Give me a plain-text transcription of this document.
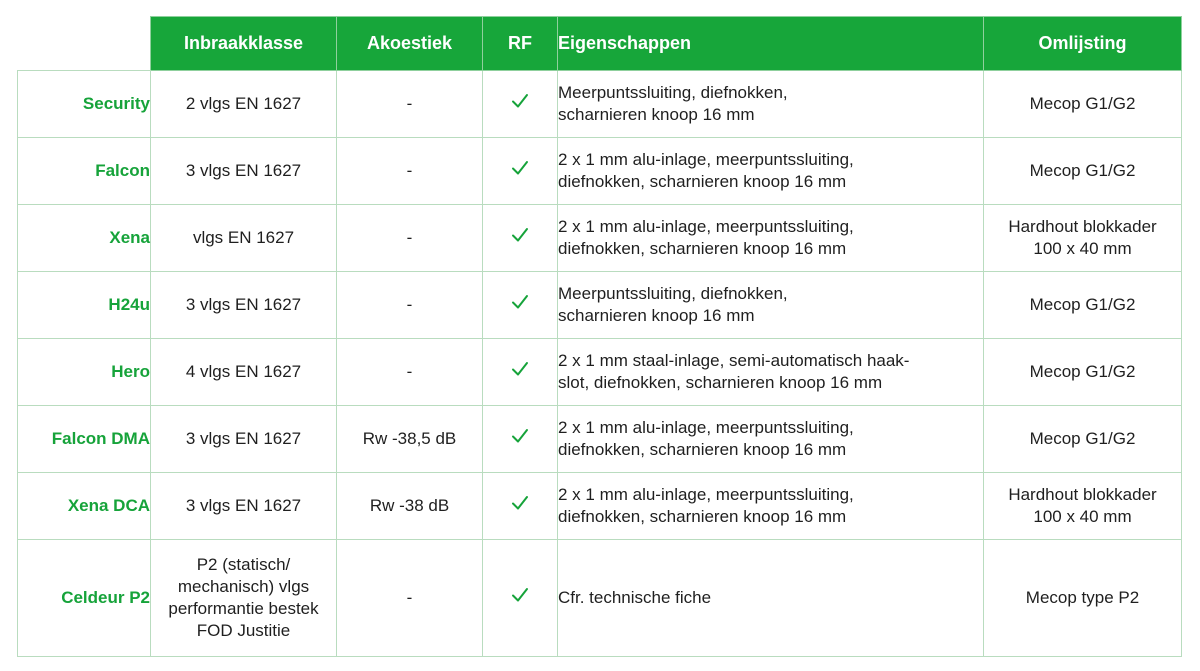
	Inbraakklasse	Akoestiek	RF	Eigenschappen	Omlijsting
Security	2 vlgs EN 1627	-		Meerpuntssluiting, diefnokken,
scharnieren knoop 16 mm	Mecop G1/G2
Falcon	3 vlgs EN 1627	-		2 x 1 mm alu-inlage, meerpuntssluiting,
diefnokken, scharnieren knoop 16 mm	Mecop G1/G2
Xena	vlgs EN 1627	-		2 x 1 mm alu-inlage, meerpuntssluiting,
diefnokken, scharnieren knoop 16 mm	Hardhout blokkader
100 x 40 mm
H24u	3 vlgs EN 1627	-		Meerpuntssluiting, diefnokken,
scharnieren knoop 16 mm	Mecop G1/G2
Hero	4 vlgs EN 1627	-		2 x 1 mm staal-inlage, semi-automatisch haak-
slot, diefnokken, scharnieren knoop 16 mm	Mecop G1/G2
Falcon DMA	3 vlgs EN 1627	Rw -38,5 dB		2 x 1 mm alu-inlage, meerpuntssluiting,
diefnokken, scharnieren knoop 16 mm	Mecop G1/G2
Xena DCA	3 vlgs EN 1627	Rw -38 dB		2 x 1 mm alu-inlage, meerpuntssluiting,
diefnokken, scharnieren knoop 16 mm	Hardhout blokkader
100 x 40 mm
Celdeur P2	P2 (statisch/
mechanisch) vlgs
performantie bestek
FOD Justitie	-		Cfr. technische fiche	Mecop type P2
